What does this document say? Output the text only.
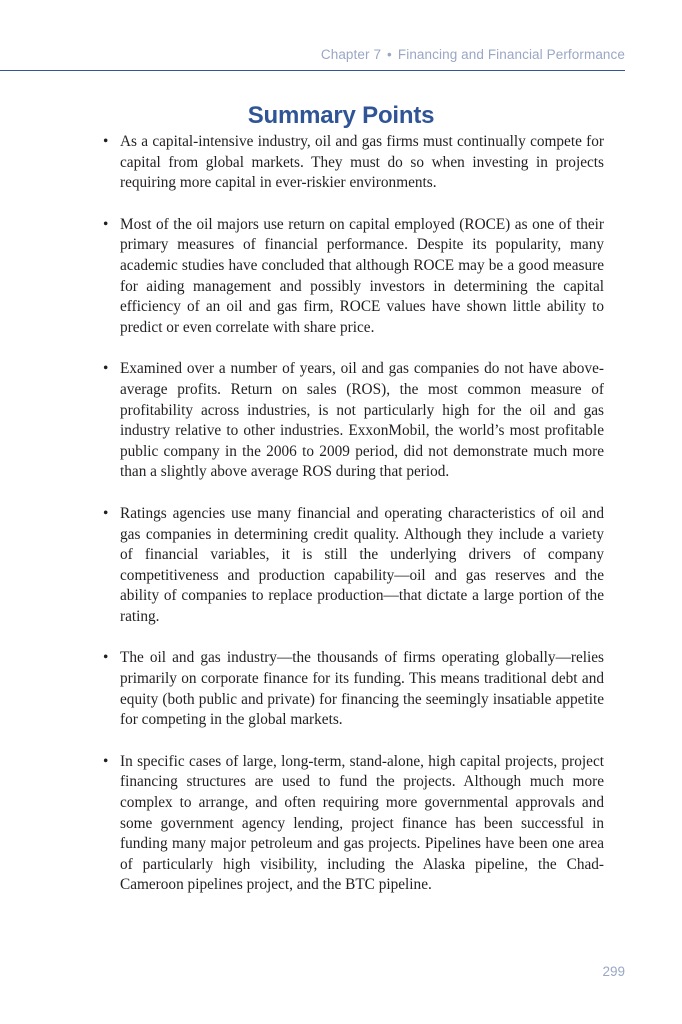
Chapter 7 • Financing and Financial Performance
Summary Points
• As a capital-intensive industry, oil and gas firms must continually compete for capital from global markets. They must do so when investing in projects requiring more capital in ever-riskier environments.
• Most of the oil majors use return on capital employed (ROCE) as one of their primary measures of financial performance. Despite its popularity, many academic studies have concluded that although ROCE may be a good measure for aiding management and possibly investors in determining the capital efficiency of an oil and gas firm, ROCE values have shown little ability to predict or even correlate with share price.
• Examined over a number of years, oil and gas companies do not have above-average profits. Return on sales (ROS), the most common measure of profitability across industries, is not particularly high for the oil and gas industry relative to other industries. ExxonMobil, the world’s most profitable public company in the 2006 to 2009 period, did not demonstrate much more than a slightly above average ROS during that period.
• Ratings agencies use many financial and operating characteristics of oil and gas companies in determining credit quality. Although they include a variety of financial variables, it is still the underlying drivers of company competitiveness and production capability—oil and gas reserves and the ability of companies to replace production—that dictate a large portion of the rating.
• The oil and gas industry—the thousands of firms operating globally—relies primarily on corporate finance for its funding. This means traditional debt and equity (both public and private) for financing the seemingly insatiable appetite for competing in the global markets.
• In specific cases of large, long-term, stand-alone, high capital projects, project financing structures are used to fund the projects. Although much more complex to arrange, and often requiring more governmental approvals and some government agency lending, project finance has been successful in funding many major petroleum and gas projects. Pipelines have been one area of particularly high visibility, including the Alaska pipeline, the Chad-Cameroon pipelines project, and the BTC pipeline.
299
